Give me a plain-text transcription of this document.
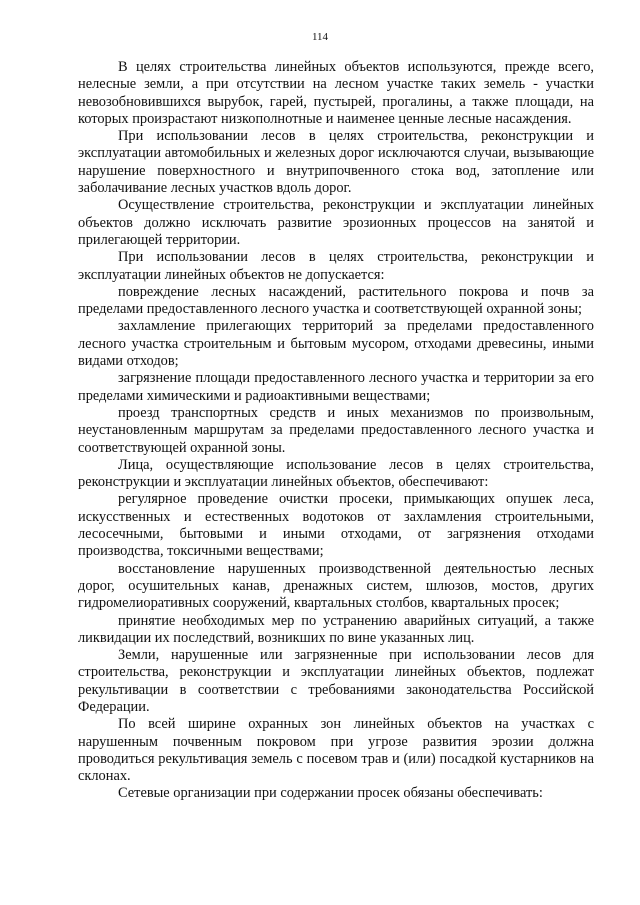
114

В целях строительства линейных объектов используются, прежде всего, нелесные земли, а при отсутствии на лесном участке таких земель - участки невозобновившихся вырубок, гарей, пустырей, прогалины, а также площади, на которых произрастают низкополнотные и наименее ценные лесные насаждения.

При использовании лесов в целях строительства, реконструкции и эксплуатации автомобильных и железных дорог исключаются случаи, вызывающие нарушение поверхностного и внутрипочвенного стока вод, затопление или заболачивание лесных участков вдоль дорог.

Осуществление строительства, реконструкции и эксплуатации линейных объектов должно исключать развитие эрозионных процессов на занятой и прилегающей территории.

При использовании лесов в целях строительства, реконструкции и эксплуатации линейных объектов не допускается:

повреждение лесных насаждений, растительного покрова и почв за пределами предоставленного лесного участка и соответствующей охранной зоны;

захламление прилегающих территорий за пределами предоставленного лесного участка строительным и бытовым мусором, отходами древесины, иными видами отходов;

загрязнение площади предоставленного лесного участка и территории за его пределами химическими и радиоактивными веществами;

проезд транспортных средств и иных механизмов по произвольным, неустановленным маршрутам за пределами предоставленного лесного участка и соответствующей охранной зоны.

Лица, осуществляющие использование лесов в целях строительства, реконструкции и эксплуатации линейных объектов, обеспечивают:

регулярное проведение очистки просеки, примыкающих опушек леса, искусственных и естественных водотоков от захламления строительными, лесосечными, бытовыми и иными отходами, от загрязнения отходами производства, токсичными веществами;

восстановление нарушенных производственной деятельностью лесных дорог, осушительных канав, дренажных систем, шлюзов, мостов, других гидромелиоративных сооружений, квартальных столбов, квартальных просек;

принятие необходимых мер по устранению аварийных ситуаций, а также ликвидации их последствий, возникших по вине указанных лиц.

Земли, нарушенные или загрязненные при использовании лесов для строительства, реконструкции и эксплуатации линейных объектов, подлежат рекультивации в соответствии с требованиями законодательства Российской Федерации.

По всей ширине охранных зон линейных объектов на участках с нарушенным почвенным покровом при угрозе развития эрозии должна проводиться рекультивация земель с посевом трав и (или) посадкой кустарников на склонах.

Сетевые организации при содержании просек обязаны обеспечивать:
